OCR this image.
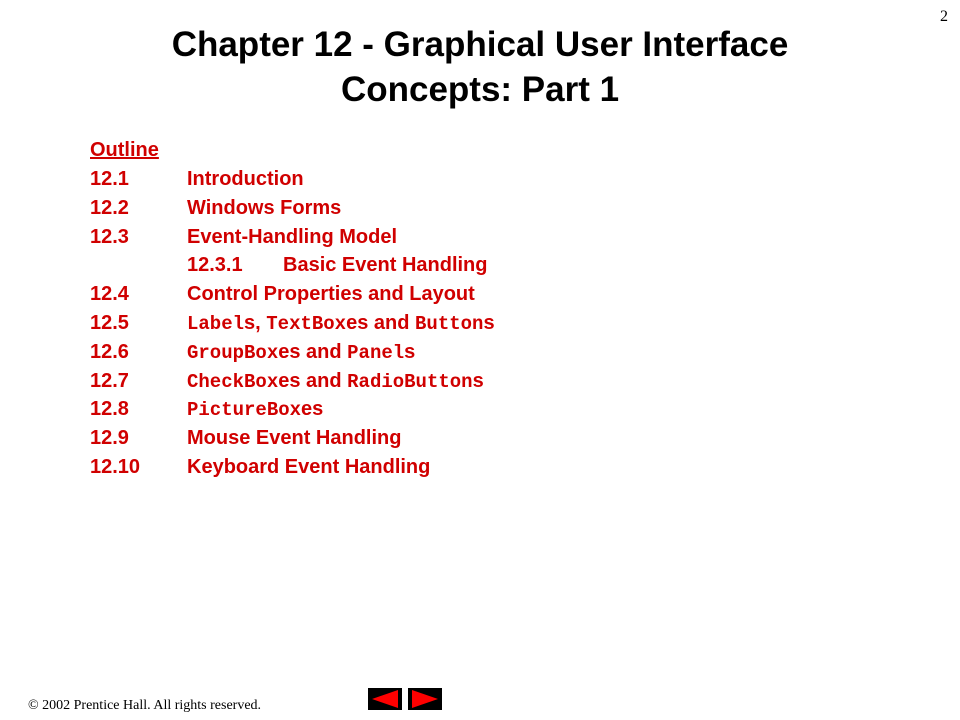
2
Chapter 12 - Graphical User Interface
Concepts: Part 1
Outline
12.1	Introduction
12.2	Windows Forms
12.3	Event-Handling Model
12.3.1 Basic Event Handling
12.4	Control Properties and Layout
12.5	Labels, TextBoxes and Buttons
12.6	GroupBoxes and Panels
12.7	CheckBoxes and RadioButtons
12.8	PictureBoxes
12.9	Mouse Event Handling
12.10 Keyboard Event Handling
© 2002 Prentice Hall. All rights reserved.
